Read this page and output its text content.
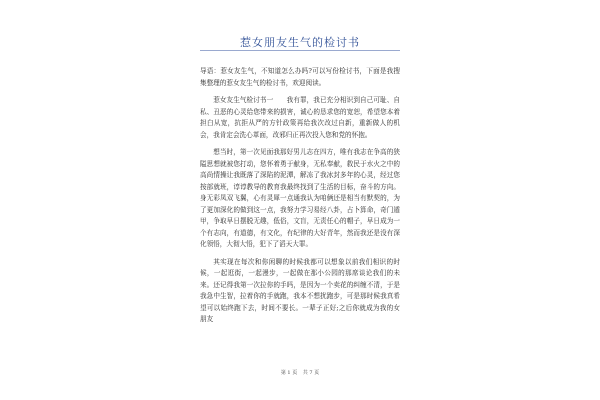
惹女朋友生气的检讨书

导语：惹女友生气，不知道怎么办吗?可以写份检讨书，下面是我搜集整理的惹女友生气的检讨书，欢迎阅读。

惹女友生气检讨书一　　我有罪，我已充分相识到自己可耻、自私、丑恶的心灵给您带来的损害，诚心的恳求您的宽恕，希望您本着担白从宽，抗拒从严的方针政策再给我次改过自新，重新做人的机会，我肯定会洗心革面，改邪归正再次投入您和党的怀抱。

想当时，第一次见面我那好男儿志在四方，唯有我志在争高的狭隘思想就被您打动，您怀着勇于献身，无私奉献，救民于水火之中的高尚情操让我既落了深陷的泥潭，解冻了我冰封多年的心灵，经过您按部就班，谆谆教导的教育我最终找到了生活的目标，奋斗的方向。身无彩凤双飞翼，心有灵犀一点通我认为咱俩还是相当有默契的，为了更加深化的做到这一点，我努力学习易经八卦，占卜算命，奇门遁甲，争取早日摆脱无趣，低俗，文盲，无责任心的帽子，早日成为一个有志向，有道德，有文化，有纪律的大好青年，然而我还是没有深化领悟，大彻大悟，犯下了滔天大罪。

其实现在每次和你闲聊的时候我都可以想象以前我们相识的时候，一起逛街，一起漫步，一起做在那小公园的那席谈论我们的未来。还记得我第一次拉你的手吗，是因为一个卖花的纠缠不清，于是我急中生智，拉着你的手就跑，我本不想扰跑步，可是那时候我真希望可以始终跑下去，时间不要长。一辈子正好;之后你就成为我的女朋友

第 1 页 共 7 页
